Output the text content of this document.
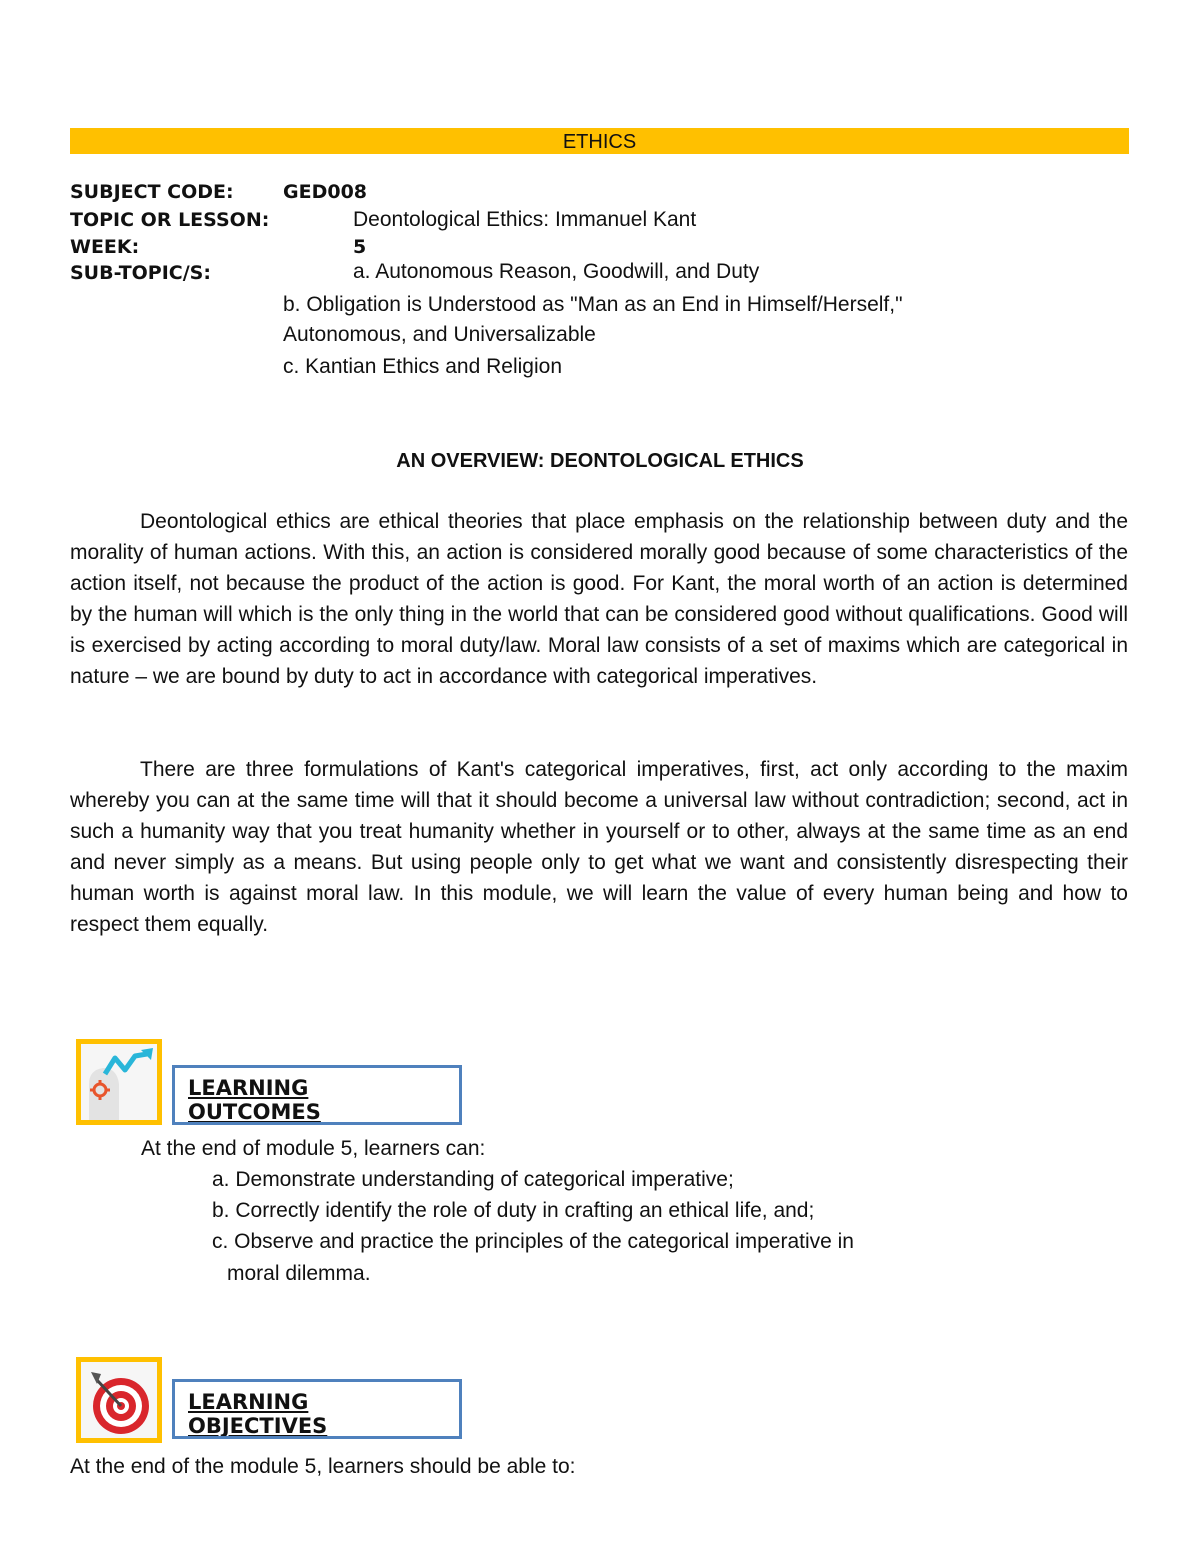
ETHICS
SUBJECT CODE:	GED008
TOPIC OR LESSON:	Deontological Ethics: Immanuel Kant
WEEK:	5
SUB-TOPIC/S:	a. Autonomous Reason, Goodwill, and Duty
b. Obligation is Understood as "Man as an End in Himself/Herself,"
Autonomous, and Universalizable
c. Kantian Ethics and Religion
AN OVERVIEW: DEONTOLOGICAL ETHICS

Deontological ethics are ethical theories that place emphasis on the relationship between duty and the morality of human actions. With this, an action is considered morally good because of some characteristics of the action itself, not because the product of the action is good. For Kant, the moral worth of an action is determined by the human will which is the only thing in the world that can be considered good without qualifications. Good will is exercised by acting according to moral duty/law. Moral law consists of a set of maxims which are categorical in nature – we are bound by duty to act in accordance with categorical imperatives.

There are three formulations of Kant's categorical imperatives, first, act only according to the maxim whereby you can at the same time will that it should become a universal law without contradiction; second, act in such a humanity way that you treat humanity whether in yourself or to other, always at the same time as an end and never simply as a means. But using people only to get what we want and consistently disrespecting their human worth is against moral law. In this module, we will learn the value of every human being and how to respect them equally.

LEARNING OUTCOMES
At the end of module 5, learners can:
a. Demonstrate understanding of categorical imperative;
b. Correctly identify the role of duty in crafting an ethical life, and;
c. Observe and practice the principles of the categorical imperative in
moral dilemma.
LEARNING OBJECTIVES
At the end of the module 5, learners should be able to:
